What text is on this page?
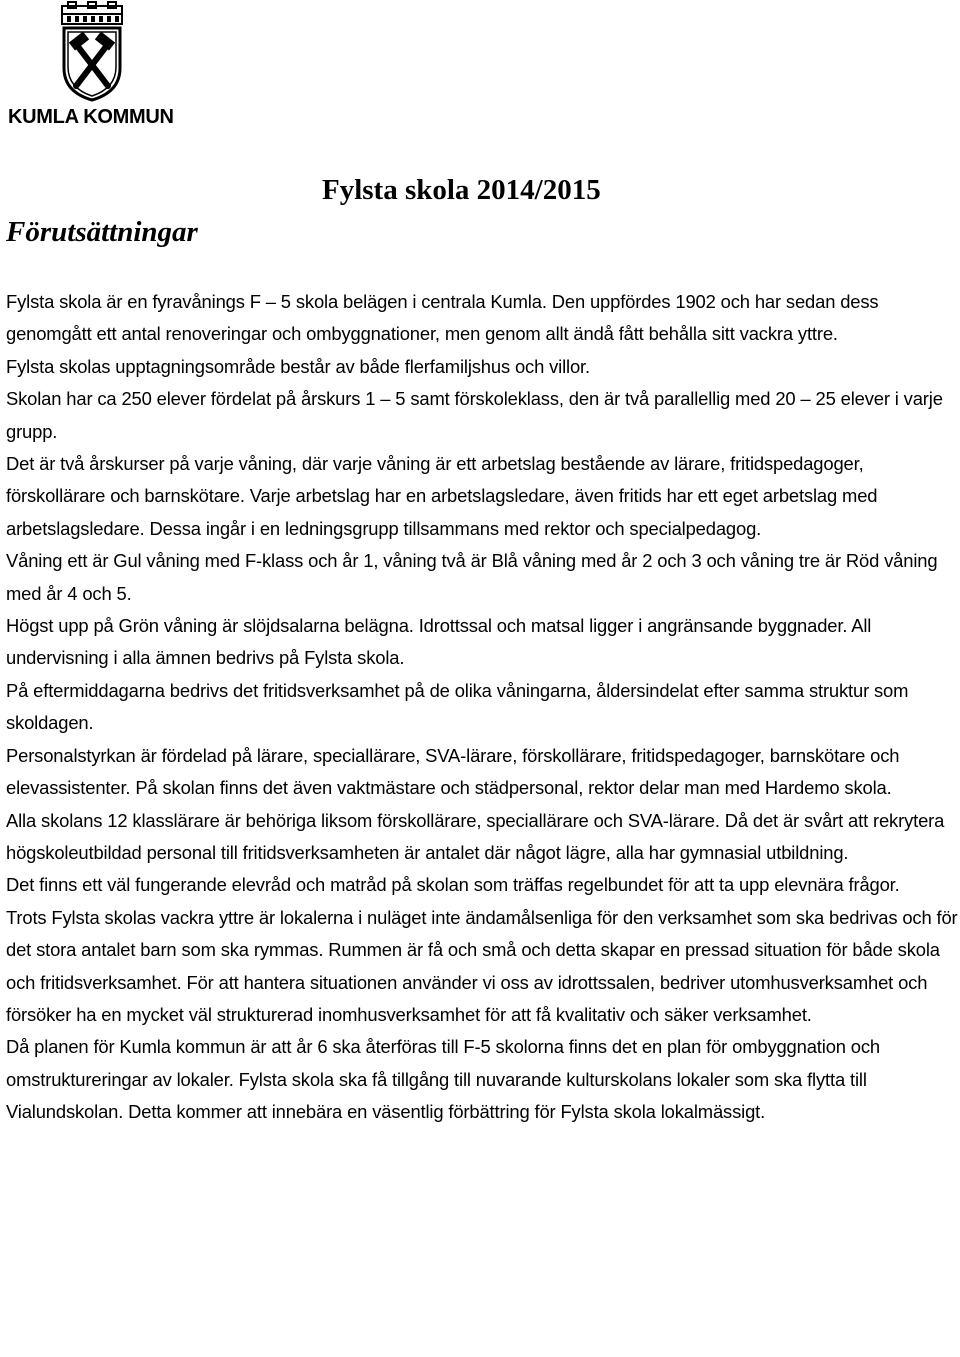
KUMLA KOMMUN
Fylsta skola 2014/2015
Förutsättningar

Fylsta skola är en fyravånings F – 5 skola belägen i centrala Kumla. Den uppfördes 1902 och har sedan dess genomgått ett antal renoveringar och ombyggnationer, men genom allt ändå fått behålla sitt vackra yttre.

Fylsta skolas upptagningsområde består av både flerfamiljshus och villor.

Skolan har ca 250 elever fördelat på årskurs 1 – 5 samt förskoleklass, den är två parallellig med 20 – 25 elever i varje grupp.

Det är två årskurser på varje våning, där varje våning är ett arbetslag bestående av lärare, fritidspedagoger, förskollärare och barnskötare. Varje arbetslag har en arbetslagsledare, även fritids har ett eget arbetslag med arbetslagsledare. Dessa ingår i en ledningsgrupp tillsammans med rektor och specialpedagog.

Våning ett är Gul våning med F-klass och år 1, våning två är Blå våning med år 2 och 3 och våning tre är Röd våning med år 4 och 5.

Högst upp på Grön våning är slöjdsalarna belägna. Idrottssal och matsal ligger i angränsande byggnader. All undervisning i alla ämnen bedrivs på Fylsta skola.

På eftermiddagarna bedrivs det fritidsverksamhet på de olika våningarna, åldersindelat efter samma struktur som skoldagen.

Personalstyrkan är fördelad på lärare, speciallärare, SVA-lärare, förskollärare, fritidspedagoger, barnskötare och elevassistenter. På skolan finns det även vaktmästare och städpersonal, rektor delar man med Hardemo skola.

Alla skolans 12 klasslärare är behöriga liksom förskollärare, speciallärare och SVA-lärare. Då det är svårt att rekrytera högskoleutbildad personal till fritidsverksamheten är antalet där något lägre, alla har gymnasial utbildning.

Det finns ett väl fungerande elevråd och matråd på skolan som träffas regelbundet för att ta upp elevnära frågor.

Trots Fylsta skolas vackra yttre är lokalerna i nuläget inte ändamålsenliga för den verksamhet som ska bedrivas och för det stora antalet barn som ska rymmas. Rummen är få och små och detta skapar en pressad situation för både skola och fritidsverksamhet. För att hantera situationen använder vi oss av idrottssalen, bedriver utomhusverksamhet och försöker ha en mycket väl strukturerad inomhusverksamhet för att få kvalitativ och säker verksamhet.

Då planen för Kumla kommun är att år 6 ska återföras till F-5 skolorna finns det en plan för ombyggnation och omstruktureringar av lokaler. Fylsta skola ska få tillgång till nuvarande kulturskolans lokaler som ska flytta till Vialundskolan. Detta kommer att innebära en väsentlig förbättring för Fylsta skola lokalmässigt.
